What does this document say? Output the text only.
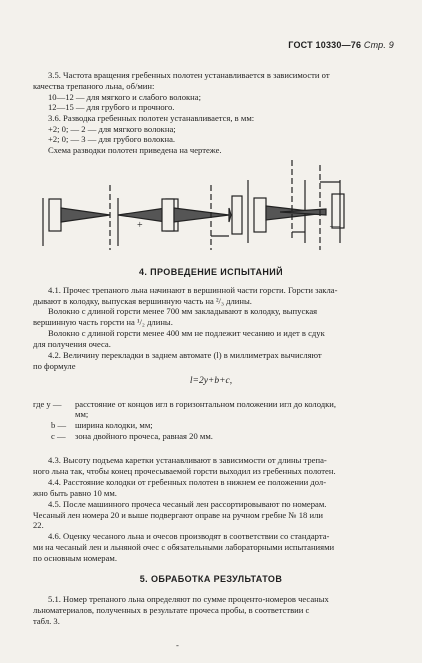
ГОСТ 10330—76 Стр. 9
3.5. Частота вращения гребенных полотен устанавливается в зависимости от
качества трепаного льна, об/мин:
10—12 — для мягкого и слабого волокна;
12—15 — для грубого и прочного.
3.6. Разводка гребенных полотен устанавливается, в мм:
+2; 0; — 2 — для мягкого волокна;
+2; 0; — 3 — для грубого волокна.
Схема разводки полотен приведена на чертеже.
+	—
4. ПРОВЕДЕНИЕ ИСПЫТАНИЙ
4.1. Прочес трепаного льна начинают в вершинной части горсти. Горсти закла-
дывают в колодку, выпуская вершинную часть на ²/₃ длины.
Волокно с длиной горсти менее 700 мм закладывают в колодку, выпуская
вершинную часть горсти на ¹/₂ длины.
Волокно с длиной горсти менее 400 мм не подлежит чесанию и идет в сдук
для получения очеса.
4.2. Величину перекладки в заднем автомате (l) в миллиметрах вычисляют
по формуле
l=2y+b+c,
где y — расстояние от концов игл в горизонтальном положении игл до колодки,
мм;
b — ширина колодки, мм;
c — зона двойного прочеса, равная 20 мм.
4.3. Высоту подъема каретки устанавливают в зависимости от длины трепа-
ного льна так, чтобы конец прочесываемой горсти выходил из гребенных полотен.
4.4. Расстояние колодки от гребенных полотен в нижнем ее положении дол-
жно быть равно 10 мм.
4.5. После машинного прочеса чесаный лен рассортировывают по номерам.
Чесаный лен номера 20 и выше подвергают оправе на ручном гребне № 18 или
22.
4.6. Оценку чесаного льна и очесов производят в соответствии со стандарта-
ми на чесаный лен и льняной очес с обязательными лабораторными испытаниями
по основным номерам.
5. ОБРАБОТКА РЕЗУЛЬТАТОВ
5.1. Номер трепаного льна определяют по сумме процентo-номеров чесаных
льноматериалов, полученных в результате прочеса пробы, в соответствии с
табл. 3.
-
